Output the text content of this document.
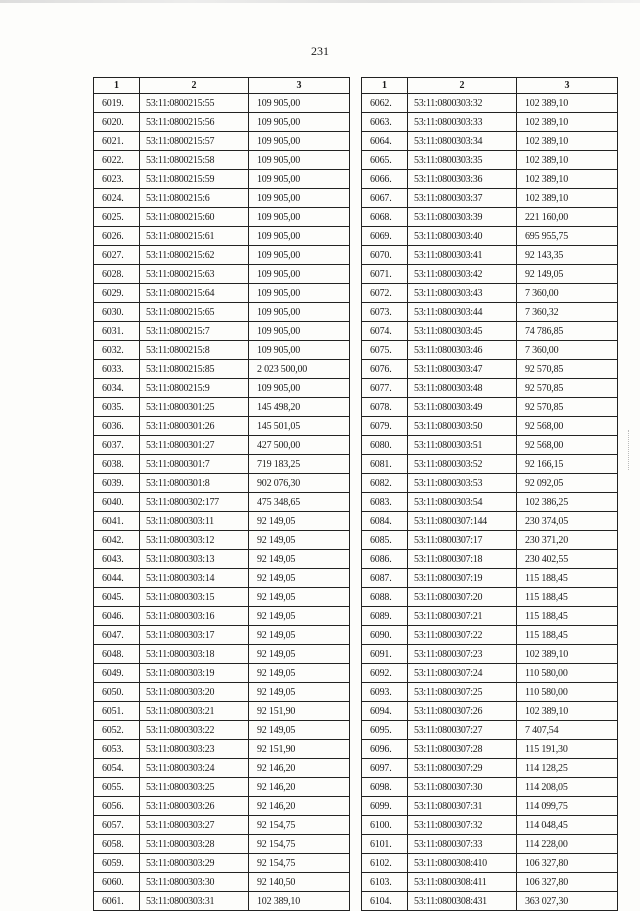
231
1	2	3
6019.	53:11:0800215:55	109 905,00
6020.	53:11:0800215:56	109 905,00
6021.	53:11:0800215:57	109 905,00
6022.	53:11:0800215:58	109 905,00
6023.	53:11:0800215:59	109 905,00
6024.	53:11:0800215:6	109 905,00
6025.	53:11:0800215:60	109 905,00
6026.	53:11:0800215:61	109 905,00
6027.	53:11:0800215:62	109 905,00
6028.	53:11:0800215:63	109 905,00
6029.	53:11:0800215:64	109 905,00
6030.	53:11:0800215:65	109 905,00
6031.	53:11:0800215:7	109 905,00
6032.	53:11:0800215:8	109 905,00
6033.	53:11:0800215:85	2 023 500,00
6034.	53:11:0800215:9	109 905,00
6035.	53:11:0800301:25	145 498,20
6036.	53:11:0800301:26	145 501,05
6037.	53:11:0800301:27	427 500,00
6038.	53:11:0800301:7	719 183,25
6039.	53:11:0800301:8	902 076,30
6040.	53:11:0800302:177	475 348,65
6041.	53:11:0800303:11	92 149,05
6042.	53:11:0800303:12	92 149,05
6043.	53:11:0800303:13	92 149,05
6044.	53:11:0800303:14	92 149,05
6045.	53:11:0800303:15	92 149,05
6046.	53:11:0800303:16	92 149,05
6047.	53:11:0800303:17	92 149,05
6048.	53:11:0800303:18	92 149,05
6049.	53:11:0800303:19	92 149,05
6050.	53:11:0800303:20	92 149,05
6051.	53:11:0800303:21	92 151,90
6052.	53:11:0800303:22	92 149,05
6053.	53:11:0800303:23	92 151,90
6054.	53:11:0800303:24	92 146,20
6055.	53:11:0800303:25	92 146,20
6056.	53:11:0800303:26	92 146,20
6057.	53:11:0800303:27	92 154,75
6058.	53:11:0800303:28	92 154,75
6059.	53:11:0800303:29	92 154,75
6060.	53:11:0800303:30	92 140,50
6061.	53:11:0800303:31	102 389,10
1	2	3
6062.	53:11:0800303:32	102 389,10
6063.	53:11:0800303:33	102 389,10
6064.	53:11:0800303:34	102 389,10
6065.	53:11:0800303:35	102 389,10
6066.	53:11:0800303:36	102 389,10
6067.	53:11:0800303:37	102 389,10
6068.	53:11:0800303:39	221 160,00
6069.	53:11:0800303:40	695 955,75
6070.	53:11:0800303:41	92 143,35
6071.	53:11:0800303:42	92 149,05
6072.	53:11:0800303:43	7 360,00
6073.	53:11:0800303:44	7 360,32
6074.	53:11:0800303:45	74 786,85
6075.	53:11:0800303:46	7 360,00
6076.	53:11:0800303:47	92 570,85
6077.	53:11:0800303:48	92 570,85
6078.	53:11:0800303:49	92 570,85
6079.	53:11:0800303:50	92 568,00
6080.	53:11:0800303:51	92 568,00
6081.	53:11:0800303:52	92 166,15
6082.	53:11:0800303:53	92 092,05
6083.	53:11:0800303:54	102 386,25
6084.	53:11:0800307:144	230 374,05
6085.	53:11:0800307:17	230 371,20
6086.	53:11:0800307:18	230 402,55
6087.	53:11:0800307:19	115 188,45
6088.	53:11:0800307:20	115 188,45
6089.	53:11:0800307:21	115 188,45
6090.	53:11:0800307:22	115 188,45
6091.	53:11:0800307:23	102 389,10
6092.	53:11:0800307:24	110 580,00
6093.	53:11:0800307:25	110 580,00
6094.	53:11:0800307:26	102 389,10
6095.	53:11:0800307:27	7 407,54
6096.	53:11:0800307:28	115 191,30
6097.	53:11:0800307:29	114 128,25
6098.	53:11:0800307:30	114 208,05
6099.	53:11:0800307:31	114 099,75
6100.	53:11:0800307:32	114 048,45
6101.	53:11:0800307:33	114 228,00
6102.	53:11:0800308:410	106 327,80
6103.	53:11:0800308:411	106 327,80
6104.	53:11:0800308:431	363 027,30
